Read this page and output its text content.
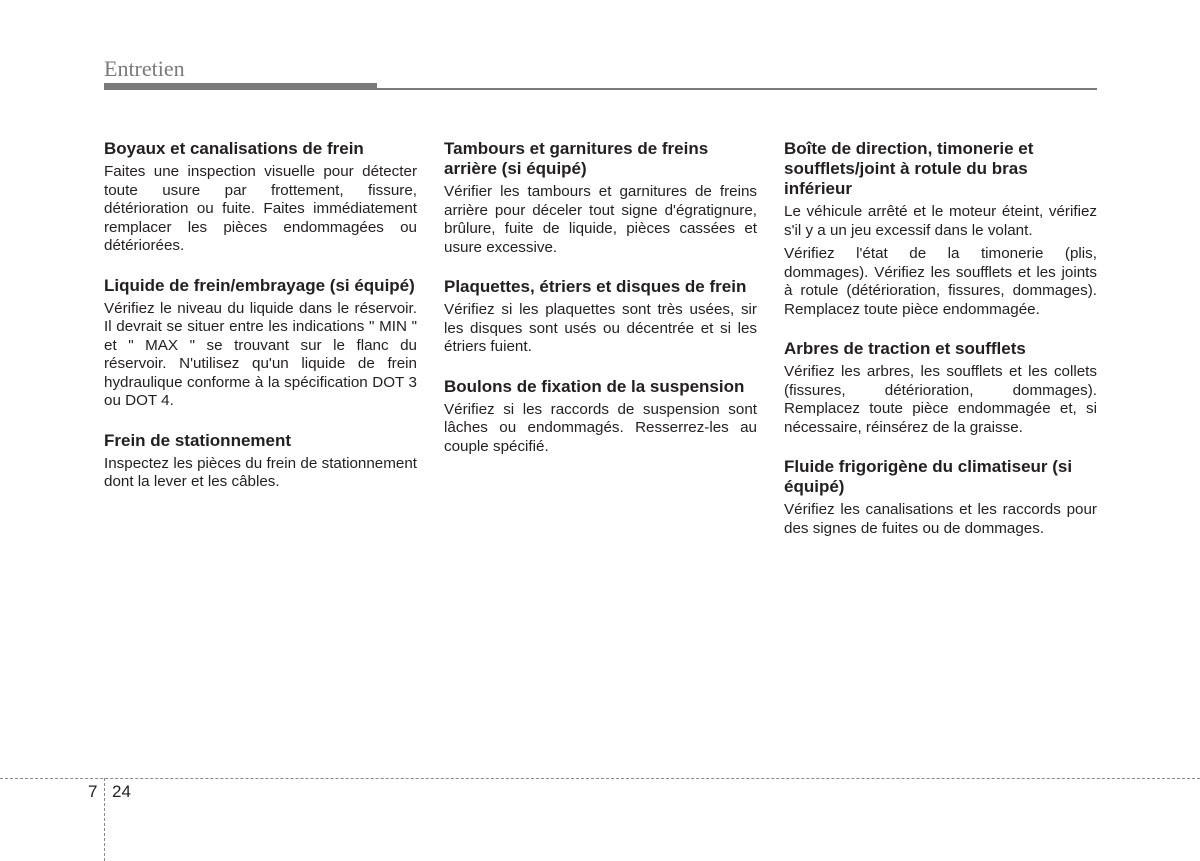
Entretien
Boyaux et canalisations de frein

Faites une inspection visuelle pour détecter toute usure par frottement, fissure, détérioration ou fuite. Faites immédiatement remplacer les pièces endommagées ou détériorées.

Liquide de frein/embrayage (si équipé)

Vérifiez le niveau du liquide dans le réservoir. Il devrait se situer entre les indications " MIN " et " MAX " se trouvant sur le flanc du réservoir. N'utilisez qu'un liquide de frein hydraulique conforme à la spécification DOT 3 ou DOT 4.

Frein de stationnement

Inspectez les pièces du frein de stationnement dont la lever et les câbles.

Tambours et garnitures de freins arrière (si équipé)

Vérifier les tambours et garnitures de freins arrière pour déceler tout signe d'égratignure, brûlure, fuite de liquide, pièces cassées et usure excessive.

Plaquettes, étriers et disques de frein

Vérifiez si les plaquettes sont très usées, sir les disques sont usés ou décentrée et si les étriers fuient.

Boulons de fixation de la suspension

Vérifiez si les raccords de suspension sont lâches ou endommagés. Resserrez-les au couple spécifié.

Boîte de direction, timonerie et soufflets/joint à rotule du bras inférieur

Le véhicule arrêté et le moteur éteint, vérifiez s'il y a un jeu excessif dans le volant.

Vérifiez l'état de la timonerie (plis, dommages). Vérifiez les soufflets et les joints à rotule (détérioration, fissures, dommages). Remplacez toute pièce endommagée.

Arbres de traction et soufflets

Vérifiez les arbres, les soufflets et les collets (fissures, détérioration, dommages). Remplacez toute pièce endommagée et, si nécessaire, réinsérez de la graisse.

Fluide frigorigène du climatiseur (si équipé)

Vérifiez les canalisations et les raccords pour des signes de fuites ou de dommages.

7 24
